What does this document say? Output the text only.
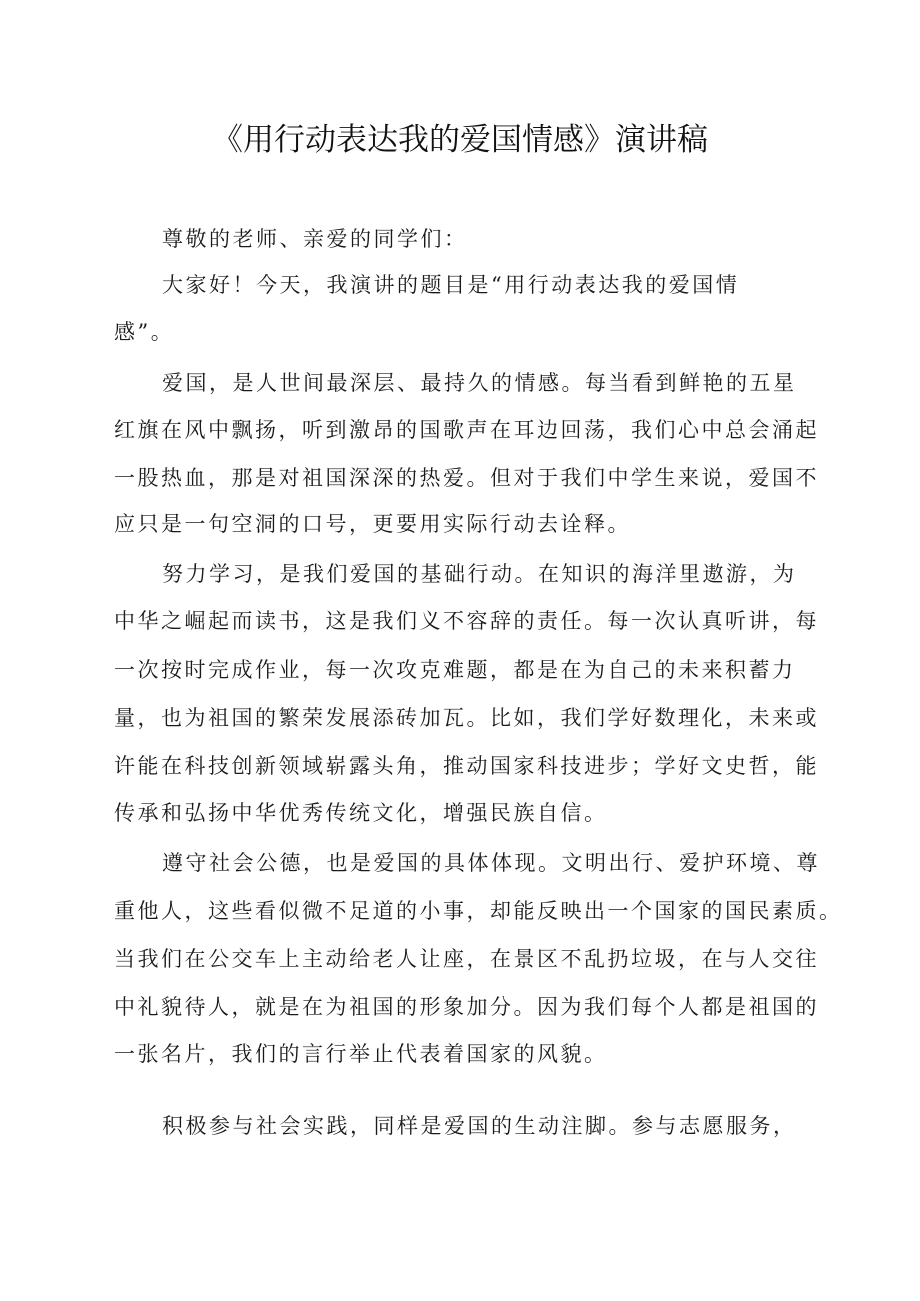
《用行动表达我的爱国情感》演讲稿
尊敬的老师、亲爱的同学们：
大家好！今天，我演讲的题目是“用行动表达我的爱国情
感”。
爱国，是人世间最深层、最持久的情感。每当看到鲜艳的五星
红旗在风中飘扬，听到激昂的国歌声在耳边回荡，我们心中总会涌起
一股热血，那是对祖国深深的热爱。但对于我们中学生来说，爱国不
应只是一句空洞的口号，更要用实际行动去诠释。
努力学习，是我们爱国的基础行动。在知识的海洋里遨游，为
中华之崛起而读书，这是我们义不容辞的责任。每一次认真听讲，每
一次按时完成作业，每一次攻克难题，都是在为自己的未来积蓄力
量，也为祖国的繁荣发展添砖加瓦。比如，我们学好数理化，未来或
许能在科技创新领域崭露头角，推动国家科技进步；学好文史哲，能
传承和弘扬中华优秀传统文化，增强民族自信。
遵守社会公德，也是爱国的具体体现。文明出行、爱护环境、尊
重他人，这些看似微不足道的小事，却能反映出一个国家的国民素质。
当我们在公交车上主动给老人让座，在景区不乱扔垃圾，在与人交往
中礼貌待人，就是在为祖国的形象加分。因为我们每个人都是祖国的
一张名片，我们的言行举止代表着国家的风貌。
积极参与社会实践，同样是爱国的生动注脚。参与志愿服务，
